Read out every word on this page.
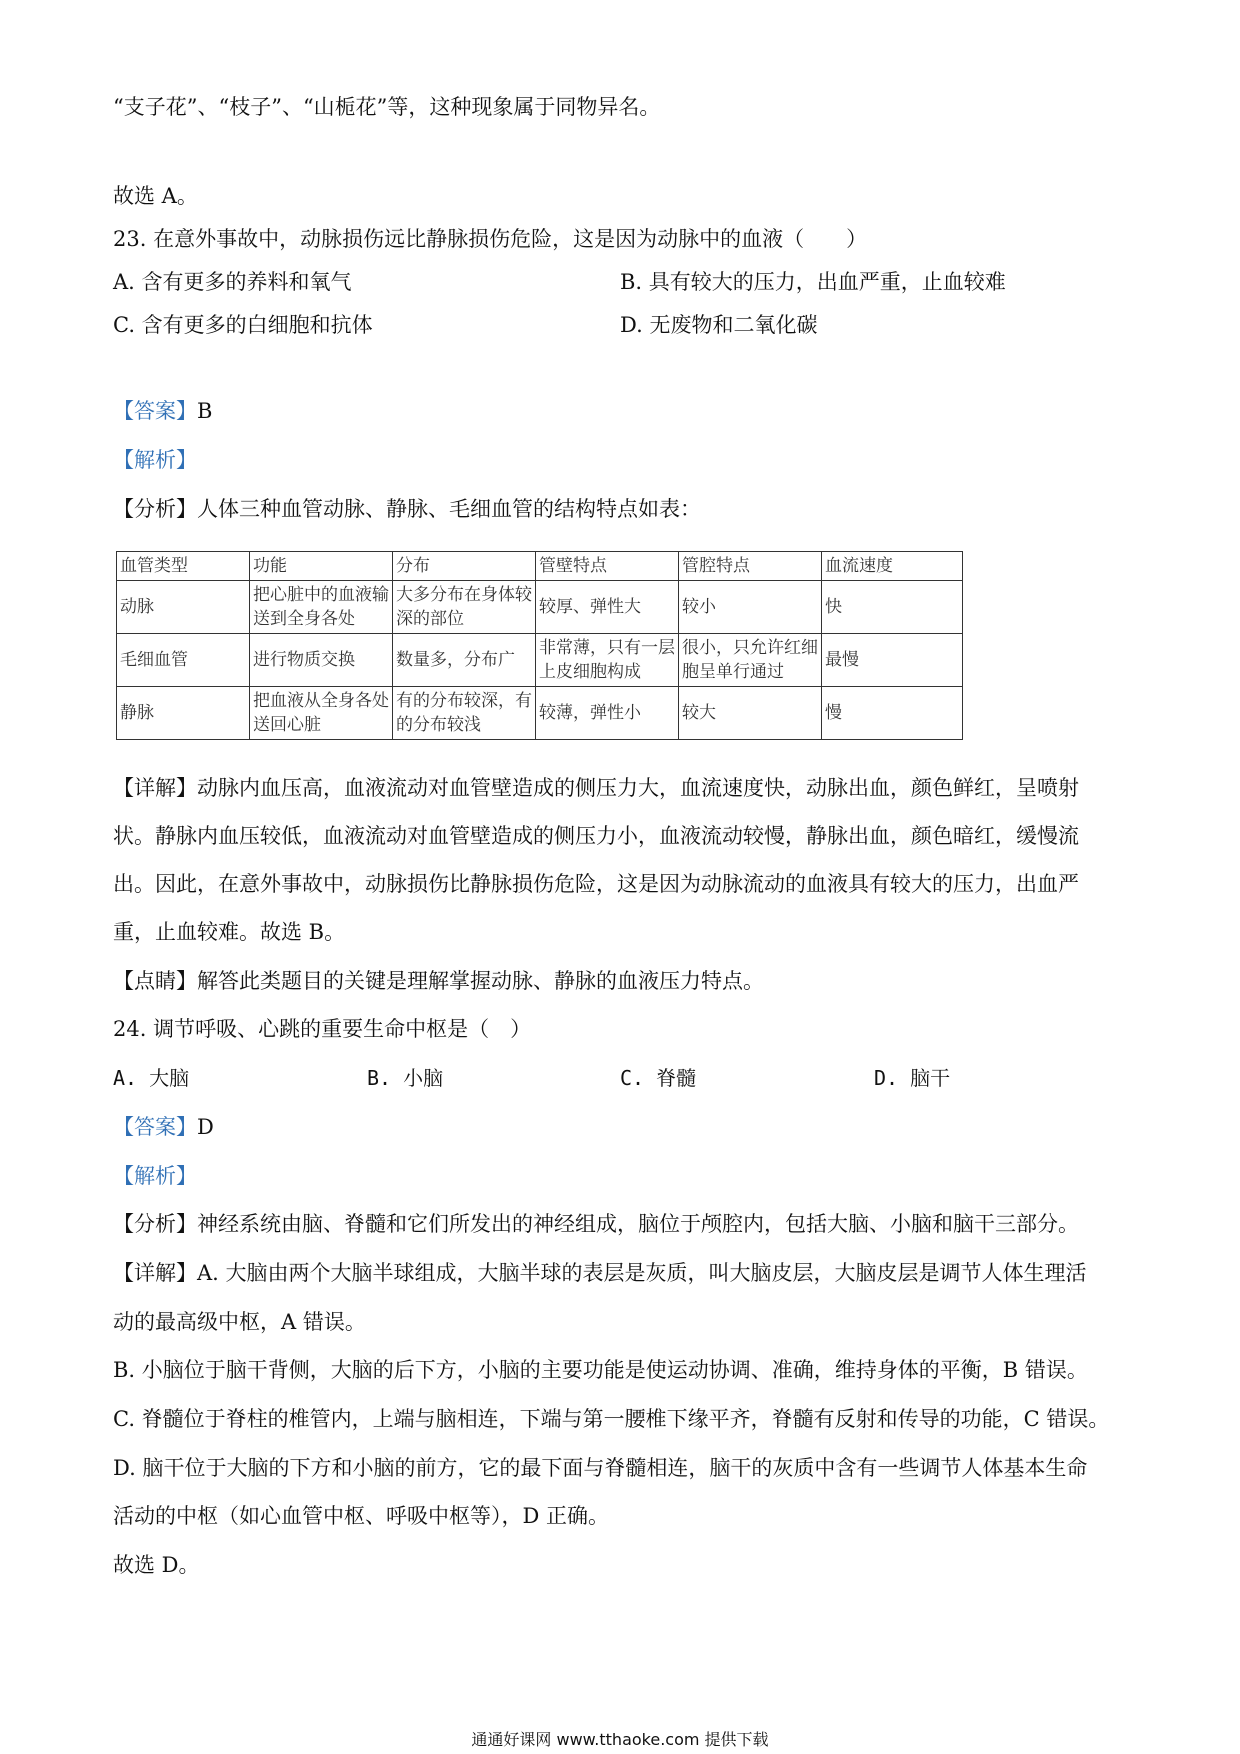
“支子花”、“枝子”、“山栀花”等，这种现象属于同物异名。
故选 A。
23. 在意外事故中，动脉损伤远比静脉损伤危险，这是因为动脉中的血液（　　）
A. 含有更多的养料和氧气	B. 具有较大的压力，出血严重，止血较难
C. 含有更多的白细胞和抗体	D. 无废物和二氧化碳
【答案】B
【解析】
【分析】人体三种血管动脉、静脉、毛细血管的结构特点如表：
血管类型	功能	分布	管壁特点	管腔特点	血流速度
动脉	把心脏中的血液输送到全身各处	大多分布在身体较深的部位	较厚、弹性大	较小	快
毛细血管	进行物质交换	数量多，分布广	非常薄，只有一层上皮细胞构成	很小，只允许红细胞呈单行通过	最慢
静脉	把血液从全身各处送回心脏	有的分布较深，有的分布较浅	较薄，弹性小	较大	慢
【详解】动脉内血压高，血液流动对血管壁造成的侧压力大，血流速度快，动脉出血，颜色鲜红，呈喷射
状。静脉内血压较低，血液流动对血管壁造成的侧压力小，血液流动较慢，静脉出血，颜色暗红，缓慢流
出。因此，在意外事故中，动脉损伤比静脉损伤危险，这是因为动脉流动的血液具有较大的压力，出血严
重，止血较难。故选 B。
【点睛】解答此类题目的关键是理解掌握动脉、静脉的血液压力特点。
24. 调节呼吸、心跳的重要生命中枢是（　）
A. 大脑	B. 小脑	C. 脊髓	D. 脑干
【答案】D
【解析】
【分析】神经系统由脑、脊髓和它们所发出的神经组成，脑位于颅腔内，包括大脑、小脑和脑干三部分。
【详解】A. 大脑由两个大脑半球组成，大脑半球的表层是灰质，叫大脑皮层，大脑皮层是调节人体生理活
动的最高级中枢，A 错误。
B. 小脑位于脑干背侧，大脑的后下方，小脑的主要功能是使运动协调、准确，维持身体的平衡，B 错误。
C. 脊髓位于脊柱的椎管内，上端与脑相连，下端与第一腰椎下缘平齐，脊髓有反射和传导的功能，C 错误。
D. 脑干位于大脑的下方和小脑的前方，它的最下面与脊髓相连，脑干的灰质中含有一些调节人体基本生命
活动的中枢（如心血管中枢、呼吸中枢等），D 正确。
故选 D。
通通好课网 www.tthaoke.com 提供下载
